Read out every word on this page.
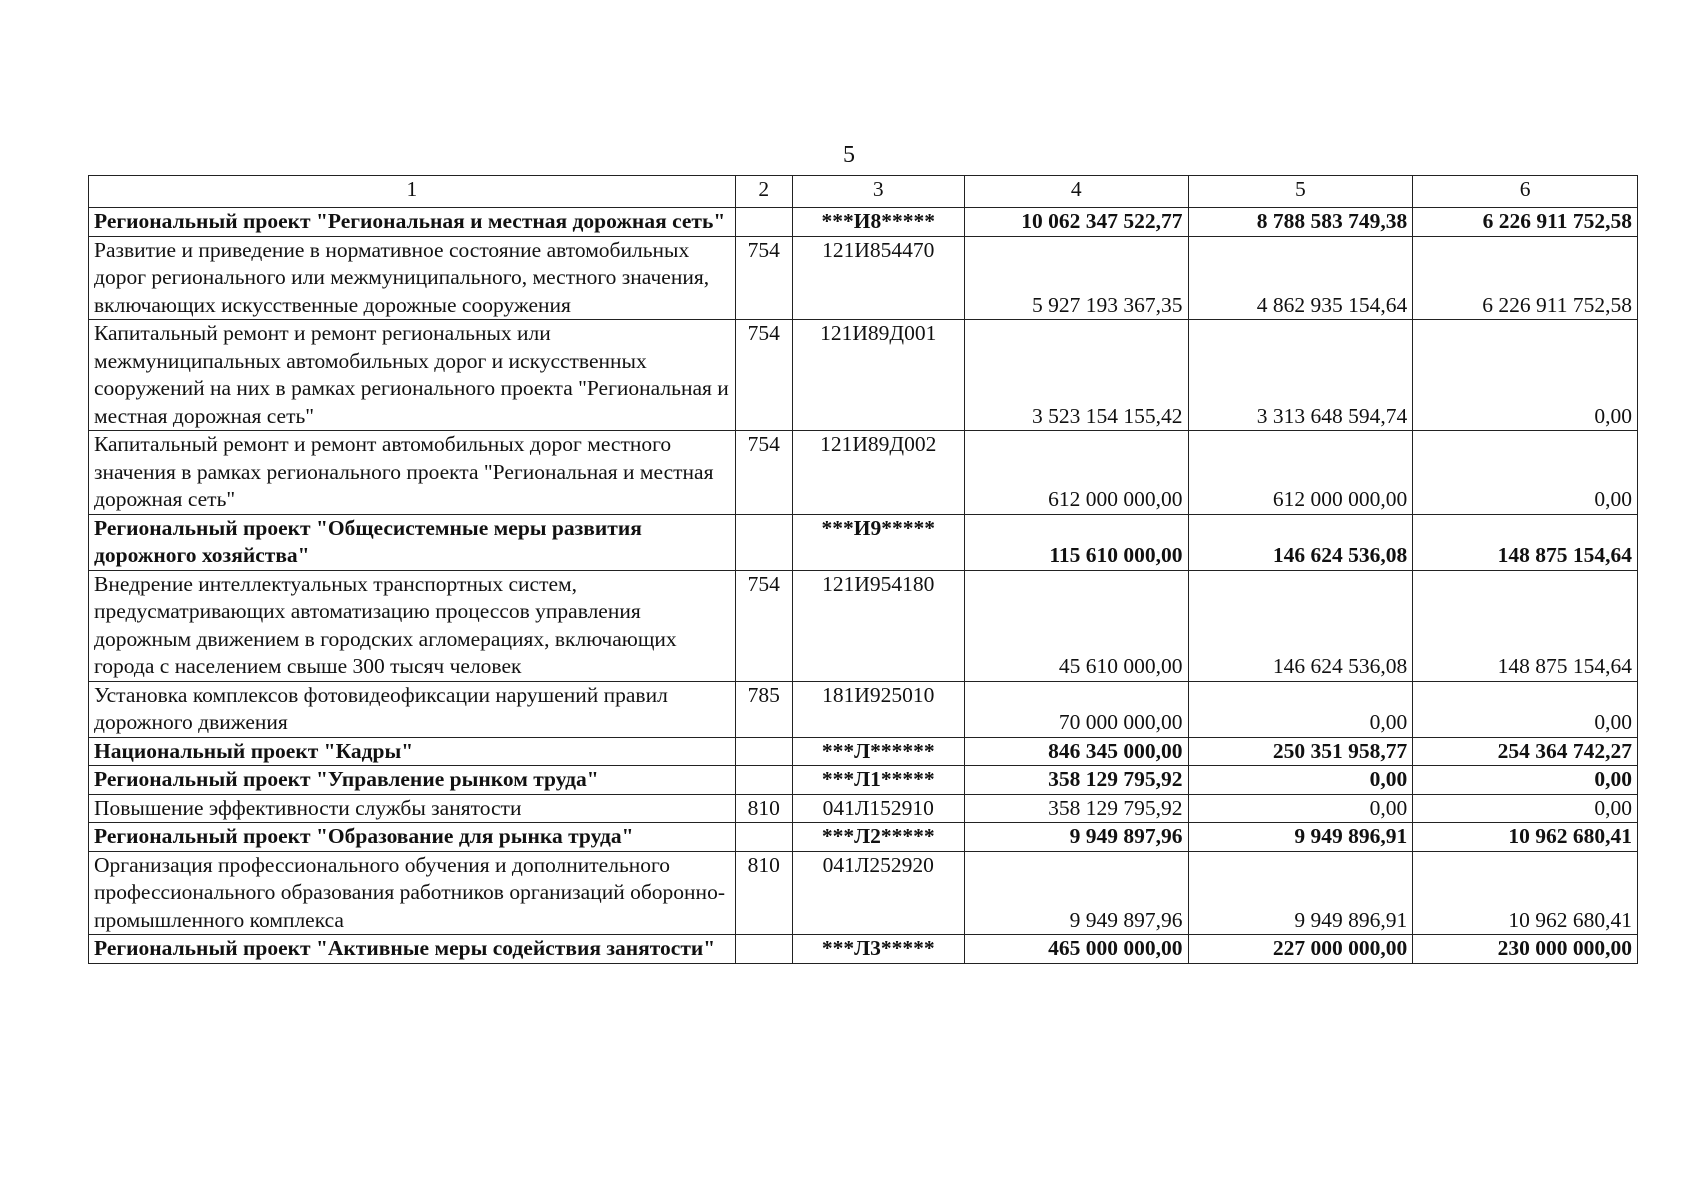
5
1	2	3	4	5	6
Региональный проект "Региональная и местная дорожная сеть"		***И8*****	10 062 347 522,77	8 788 583 749,38	6 226 911 752,58
Развитие и приведение в нормативное состояние автомобильных дорог регионального или межмуниципального, местного значения, включающих искусственные дорожные сооружения	754	121И854470	5 927 193 367,35	4 862 935 154,64	6 226 911 752,58
Капитальный ремонт и ремонт региональных или межмуниципальных автомобильных дорог и искусственных сооружений на них в рамках регионального проекта "Региональная и местная дорожная сеть"	754	121И89Д001	3 523 154 155,42	3 313 648 594,74	0,00
Капитальный ремонт и ремонт автомобильных дорог местного значения в рамках регионального проекта "Региональная и местная дорожная сеть"	754	121И89Д002	612 000 000,00	612 000 000,00	0,00
Региональный проект "Общесистемные меры развития дорожного хозяйства"		***И9*****	115 610 000,00	146 624 536,08	148 875 154,64
Внедрение интеллектуальных транспортных систем, предусматривающих автоматизацию процессов управления дорожным движением в городских агломерациях, включающих города с населением свыше 300 тысяч человек	754	121И954180	45 610 000,00	146 624 536,08	148 875 154,64
Установка комплексов фотовидеофиксации нарушений правил дорожного движения	785	181И925010	70 000 000,00	0,00	0,00
Национальный проект "Кадры"		***Л******	846 345 000,00	250 351 958,77	254 364 742,27
Региональный проект "Управление рынком труда"		***Л1*****	358 129 795,92	0,00	0,00
Повышение эффективности службы занятости	810	041Л152910	358 129 795,92	0,00	0,00
Региональный проект "Образование для рынка труда"		***Л2*****	9 949 897,96	9 949 896,91	10 962 680,41
Организация профессионального обучения и дополнительного профессионального образования работников организаций оборонно-промышленного комплекса	810	041Л252920	9 949 897,96	9 949 896,91	10 962 680,41
Региональный проект "Активные меры содействия занятости"		***Л3*****	465 000 000,00	227 000 000,00	230 000 000,00
